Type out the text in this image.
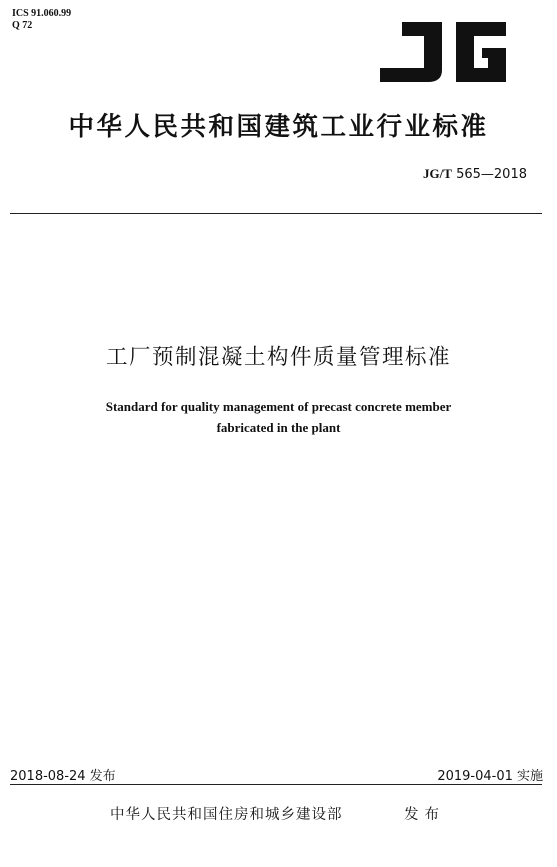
ICS 91.060.99
Q 72
中华人民共和国建筑工业行业标准
JG/T 565—2018
工厂预制混凝土构件质量管理标准
Standard for quality management of precast concrete member
fabricated in the plant
2018-08-24 发布	2019-04-01 实施
中华人民共和国住房和城乡建设部	发布
